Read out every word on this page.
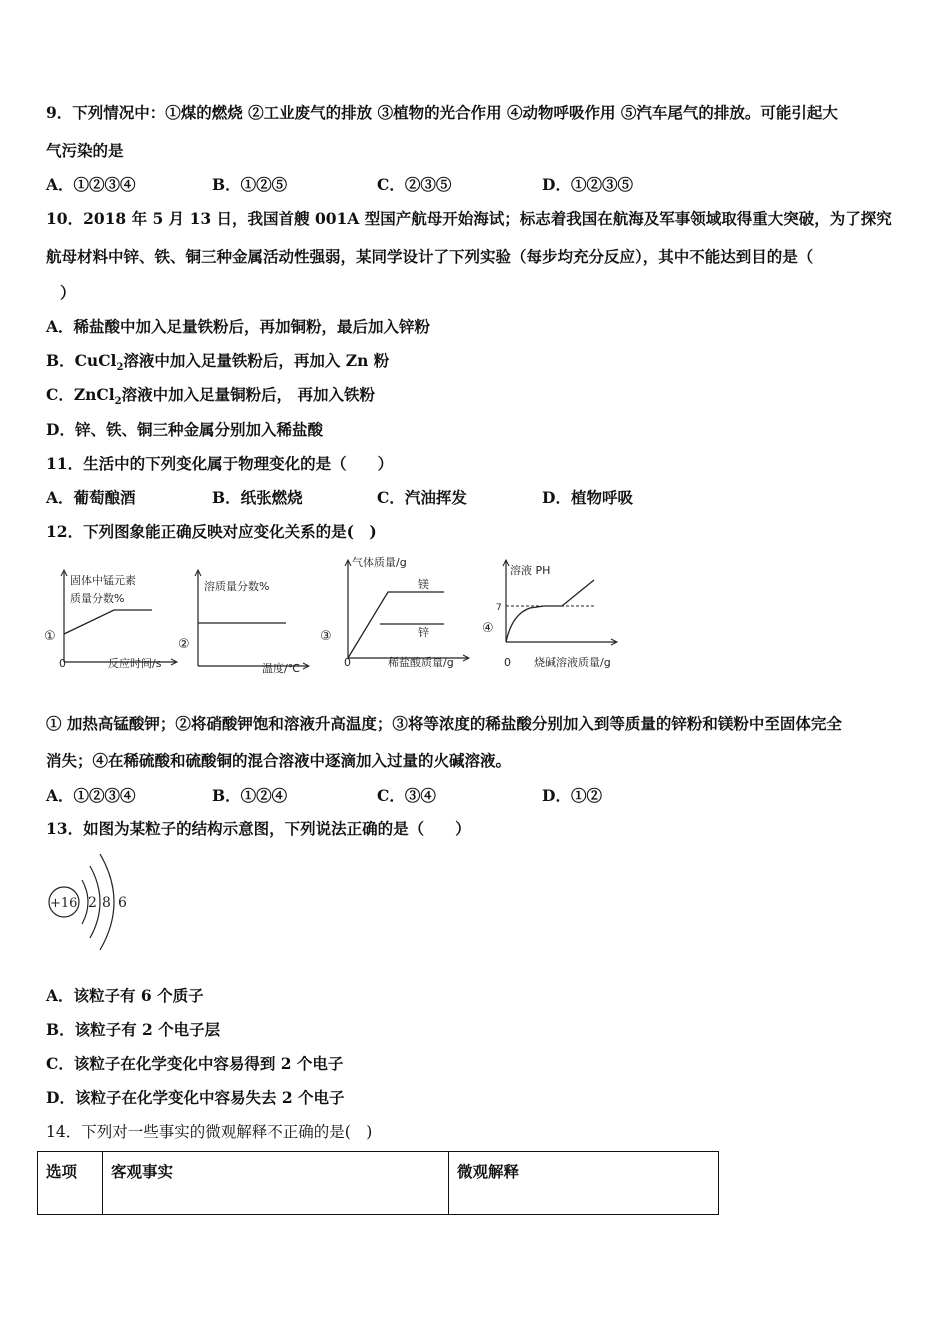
9．下列情况中：①煤的燃烧 ②工业废气的排放 ③植物的光合作用 ④动物呼吸作用 ⑤汽车尾气的排放。可能引起大
气污染的是
A．①②③④	B．①②⑤	C．②③⑤	D．①②③⑤
10．2018 年 5 月 13 日，我国首艘 001A 型国产航母开始海试；标志着我国在航海及军事领域取得重大突破，为了探究
航母材料中锌、铁、铜三种金属活动性强弱，某同学设计了下列实验（每步均充分反应），其中不能达到目的是（
）
A．稀盐酸中加入足量铁粉后，再加铜粉，最后加入锌粉
B．CuCl$_2$溶液中加入足量铁粉后，再加入 Zn 粉
C．ZnCl$_2$溶液中加入足量铜粉后， 再加入铁粉
D．锌、铁、铜三种金属分别加入稀盐酸
11．生活中的下列变化属于物理变化的是（　　）
A．葡萄酿酒	B．纸张燃烧	C．汽油挥发	D．植物呼吸
12．下列图象能正确反映对应变化关系的是(　)
固体中锰元素
质量分数%
①
0	反应时间/s
溶质量分数%
②
温度/℃
气体质量/g
镁
锌
③
0	稀盐酸质量/g
溶液 PH
7
④
0 烧碱溶液质量/g
① 加热高锰酸钾；②将硝酸钾饱和溶液升高温度；③将等浓度的稀盐酸分别加入到等质量的锌粉和镁粉中至固体完全
消失；④在稀硫酸和硫酸铜的混合溶液中逐滴加入过量的火碱溶液。
A．①②③④	B．①②④	C．③④	D．①②
13．如图为某粒子的结构示意图，下列说法正确的是（　　）
+16 2 8 6
A．该粒子有 6 个质子
B．该粒子有 2 个电子层
C．该粒子在化学变化中容易得到 2 个电子
D．该粒子在化学变化中容易失去 2 个电子
14．下列对一些事实的微观解释不正确的是(　)
选项	客观事实	微观解释
